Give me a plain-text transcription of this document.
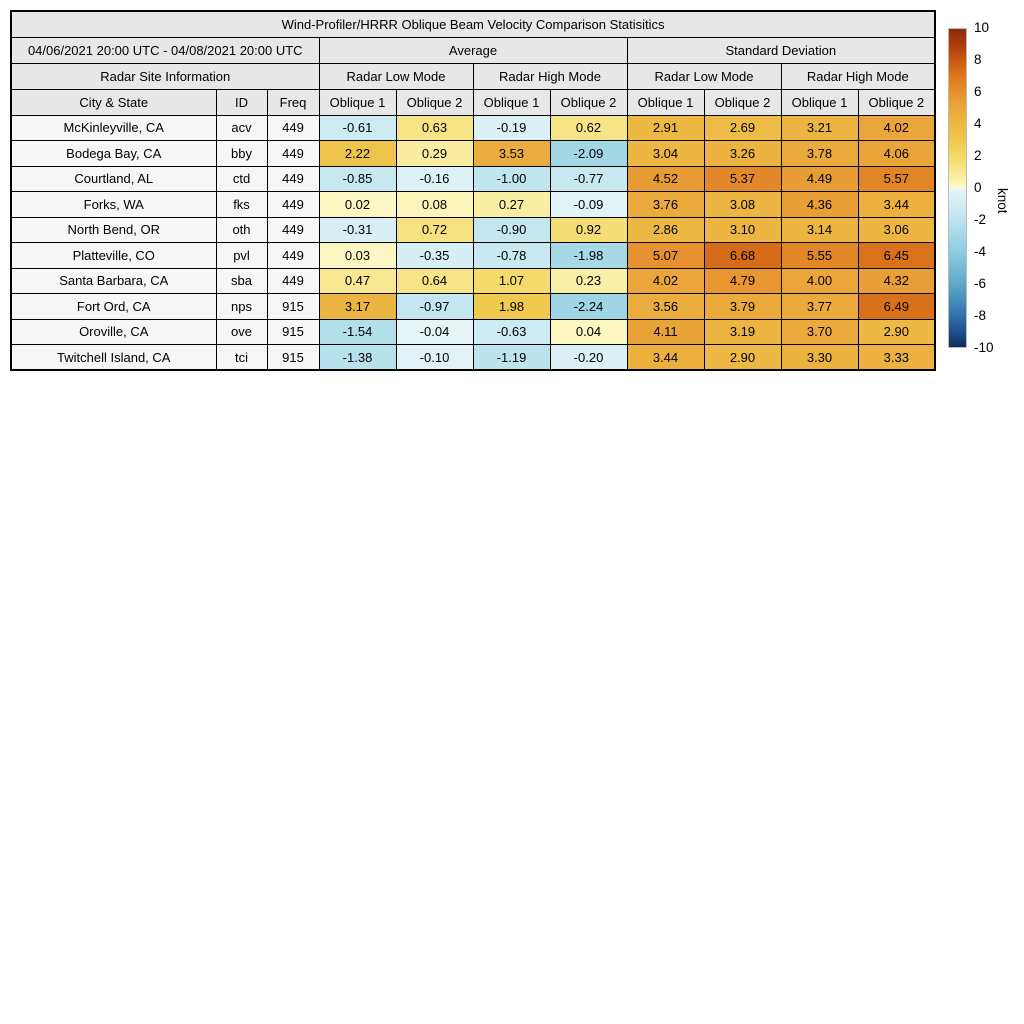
Wind-Profiler/HRRR Oblique Beam Velocity Comparison Statisitics										
04/06/2021 20:00 UTC - 04/08/2021 20:00 UTC			Average				Standard Deviation			
Radar Site Information			Radar Low Mode		Radar High Mode		Radar Low Mode		Radar High Mode	
City & State	ID	Freq	Oblique 1	Oblique 2	Oblique 1	Oblique 2	Oblique 1	Oblique 2	Oblique 1	Oblique 2
McKinleyville, CA	acv	449	-0.61	0.63	-0.19	0.62	2.91	2.69	3.21	4.02
Bodega Bay, CA	bby	449	2.22	0.29	3.53	-2.09	3.04	3.26	3.78	4.06
Courtland, AL	ctd	449	-0.85	-0.16	-1.00	-0.77	4.52	5.37	4.49	5.57
Forks, WA	fks	449	0.02	0.08	0.27	-0.09	3.76	3.08	4.36	3.44
North Bend, OR	oth	449	-0.31	0.72	-0.90	0.92	2.86	3.10	3.14	3.06
Platteville, CO	pvl	449	0.03	-0.35	-0.78	-1.98	5.07	6.68	5.55	6.45
Santa Barbara, CA	sba	449	0.47	0.64	1.07	0.23	4.02	4.79	4.00	4.32
Fort Ord, CA	nps	915	3.17	-0.97	1.98	-2.24	3.56	3.79	3.77	6.49
Oroville, CA	ove	915	-1.54	-0.04	-0.63	0.04	4.11	3.19	3.70	2.90
Twitchell Island, CA	tci	915	-1.38	-0.10	-1.19	-0.20	3.44	2.90	3.30	3.33
10
8
6
4
2
0
-2
-4
-6
-8
-10
knot
